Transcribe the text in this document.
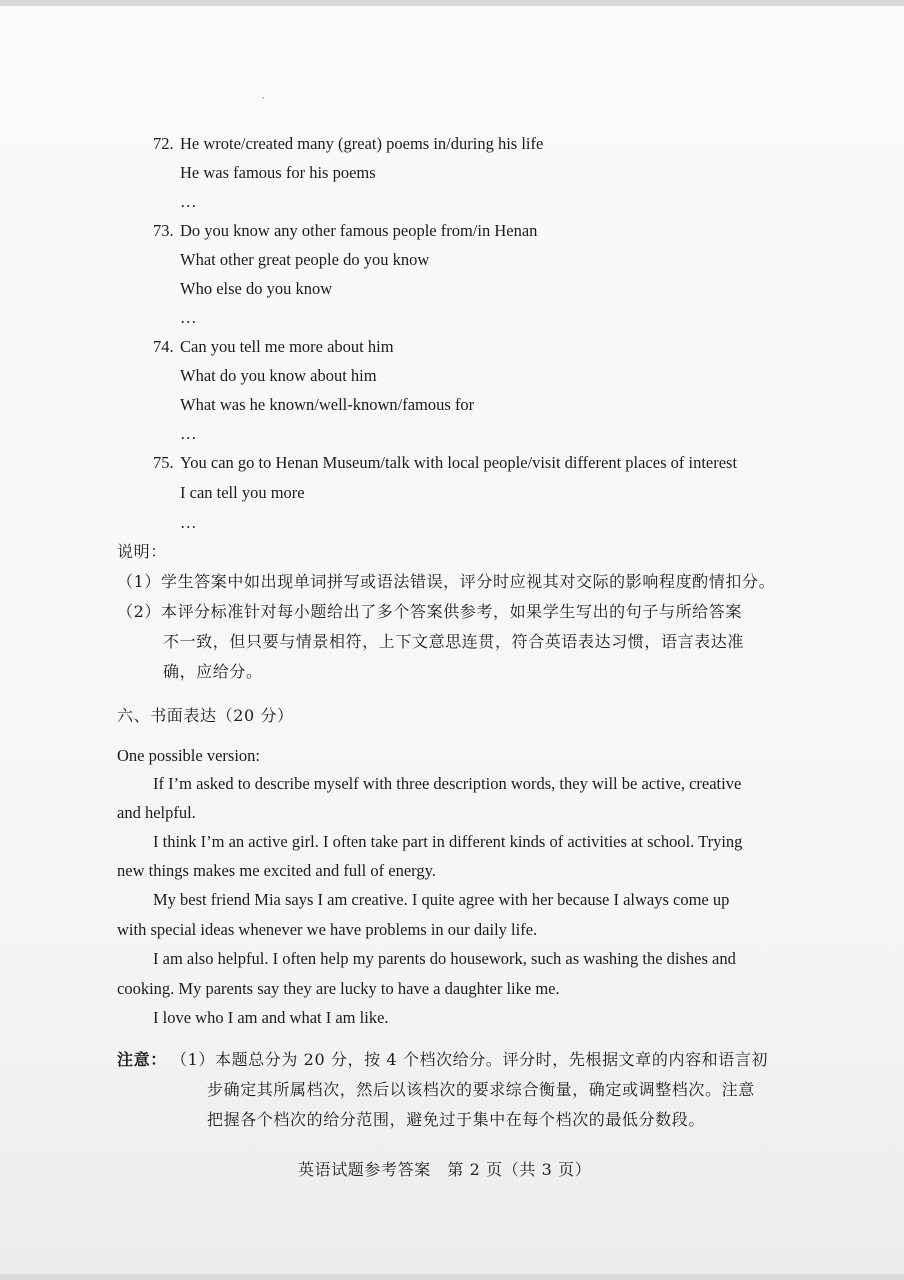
72. He wrote/created many (great) poems in/during his life
He was famous for his poems
…
73. Do you know any other famous people from/in Henan
What other great people do you know
Who else do you know
…
74. Can you tell me more about him
What do you know about him
What was he known/well-known/famous for
…
75. You can go to Henan Museum/talk with local people/visit different places of interest
I can tell you more
…
说明：
（1）学生答案中如出现单词拼写或语法错误，评分时应视其对交际的影响程度酌情扣分。
（2）本评分标准针对每小题给出了多个答案供参考，如果学生写出的句子与所给答案
不一致，但只要与情景相符，上下文意思连贯，符合英语表达习惯，语言表达准
确，应给分。
六、书面表达（20 分）
One possible version:
If I’m asked to describe myself with three description words, they will be active, creative
and helpful.
I think I’m an active girl. I often take part in different kinds of activities at school. Trying
new things makes me excited and full of energy.
My best friend Mia says I am creative. I quite agree with her because I always come up
with special ideas whenever we have problems in our daily life.
I am also helpful. I often help my parents do housework, such as washing the dishes and
cooking. My parents say they are lucky to have a daughter like me.
I love who I am and what I am like.
注意： （1）本题总分为 20 分，按 4 个档次给分。评分时，先根据文章的内容和语言初
步确定其所属档次，然后以该档次的要求综合衡量，确定或调整档次。注意
把握各个档次的给分范围，避免过于集中在每个档次的最低分数段。
英语试题参考答案　第 2 页（共 3 页）
